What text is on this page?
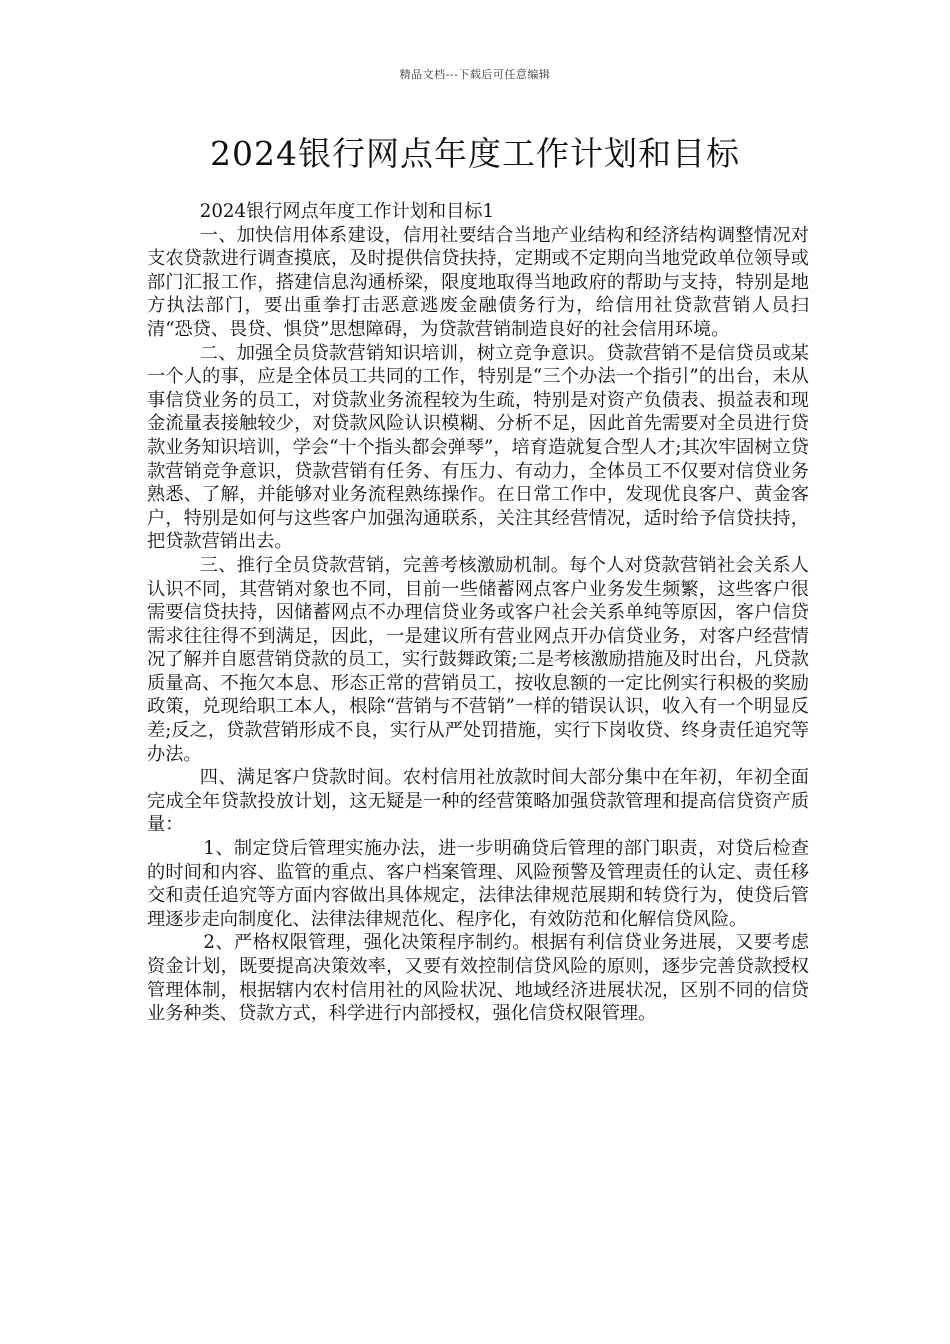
精品文档---下载后可任意编辑
2024银行网点年度工作计划和目标

2024银行网点年度工作计划和目标1

一、加快信用体系建设，信用社要结合当地产业结构和经济结构调整情况对支农贷款进行调查摸底，及时提供信贷扶持，定期或不定期向当地党政单位领导或部门汇报工作，搭建信息沟通桥梁，限度地取得当地政府的帮助与支持，特别是地方执法部门，要出重拳打击恶意逃废金融债务行为，给信用社贷款营销人员扫清“恐贷、畏贷、惧贷”思想障碍，为贷款营销制造良好的社会信用环境。

二、加强全员贷款营销知识培训，树立竞争意识。贷款营销不是信贷员或某一个人的事，应是全体员工共同的工作，特别是“三个办法一个指引”的出台，未从事信贷业务的员工，对贷款业务流程较为生疏，特别是对资产负债表、损益表和现金流量表接触较少，对贷款风险认识模糊、分析不足，因此首先需要对全员进行贷款业务知识培训，学会“十个指头都会弹琴”，培育造就复合型人才;其次牢固树立贷款营销竞争意识，贷款营销有任务、有压力、有动力，全体员工不仅要对信贷业务熟悉、了解，并能够对业务流程熟练操作。在日常工作中，发现优良客户、黄金客户，特别是如何与这些客户加强沟通联系，关注其经营情况，适时给予信贷扶持，把贷款营销出去。

三、推行全员贷款营销，完善考核激励机制。每个人对贷款营销社会关系人认识不同，其营销对象也不同，目前一些储蓄网点客户业务发生频繁，这些客户很需要信贷扶持，因储蓄网点不办理信贷业务或客户社会关系单纯等原因，客户信贷需求往往得不到满足，因此，一是建议所有营业网点开办信贷业务，对客户经营情况了解并自愿营销贷款的员工，实行鼓舞政策;二是考核激励措施及时出台，凡贷款质量高、不拖欠本息、形态正常的营销员工，按收息额的一定比例实行积极的奖励政策，兑现给职工本人，根除“营销与不营销”一样的错误认识，收入有一个明显反差;反之，贷款营销形成不良，实行从严处罚措施，实行下岗收贷、终身责任追究等办法。

四、满足客户贷款时间。农村信用社放款时间大部分集中在年初，年初全面完成全年贷款投放计划，这无疑是一种的经营策略加强贷款管理和提高信贷资产质量：

1、制定贷后管理实施办法，进一步明确贷后管理的部门职责，对贷后检查的时间和内容、监管的重点、客户档案管理、风险预警及管理责任的认定、责任移交和责任追究等方面内容做出具体规定，法律法律规范展期和转贷行为，使贷后管理逐步走向制度化、法律法律规范化、程序化，有效防范和化解信贷风险。

2、严格权限管理，强化决策程序制约。根据有利信贷业务进展，又要考虑资金计划，既要提高决策效率，又要有效控制信贷风险的原则，逐步完善贷款授权管理体制，根据辖内农村信用社的风险状况、地域经济进展状况，区别不同的信贷业务种类、贷款方式，科学进行内部授权，强化信贷权限管理。
